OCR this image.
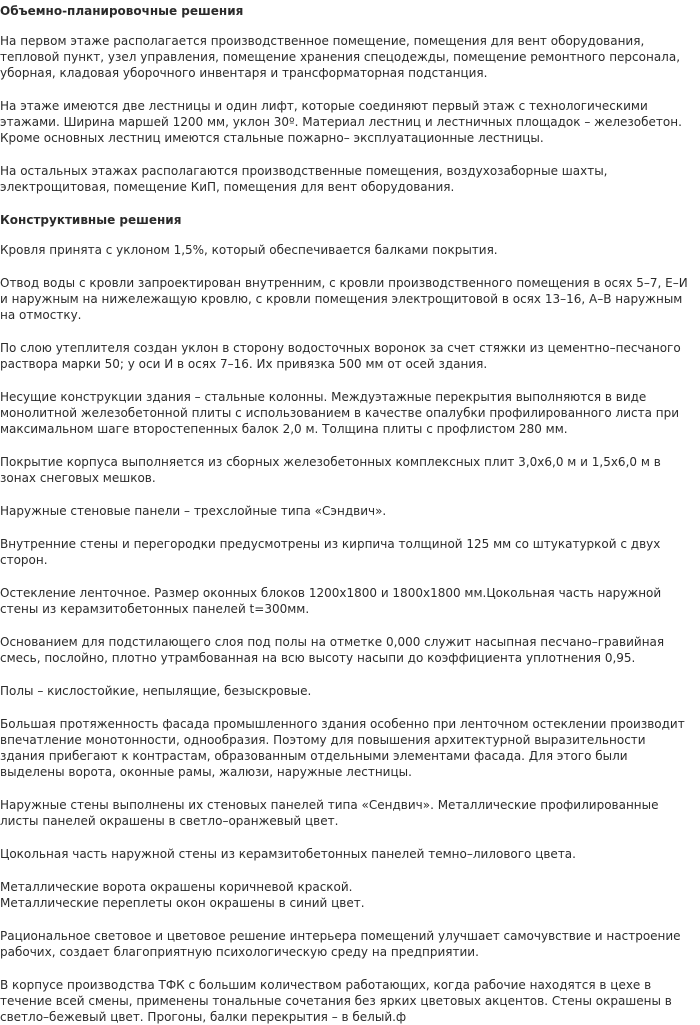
Объемно-планировочные решения
На первом этаже располагается производственное помещение, помещения для вент оборудования, тепловой пункт, узел управления, помещение хранения спецодежды, помещение ремонтного персонала, уборная, кладовая уборочного инвентаря и трансформаторная подстанция.
На этаже имеются две лестницы и один лифт, которые соединяют первый этаж с технологическими этажами. Ширина маршей 1200 мм, уклон 30º. Материал лестниц и лестничных площадок – железобетон. Кроме основных лестниц имеются стальные пожарно– эксплуатационные лестницы.
На остальных этажах располагаются производственные помещения, воздухозаборные шахты, электрощитовая, помещение КиП, помещения для вент оборудования.
Конструктивные решения
Кровля принята с уклоном 1,5%, который обеспечивается балками покрытия.
Отвод воды с кровли запроектирован внутренним, с кровли производственного помещения в осях 5–7, Е–И и наружным на нижележащую кровлю, с кровли помещения электрощитовой в осях 13–16, А–В наружным на отмостку.
По слою утеплителя создан уклон в сторону водосточных воронок за счет стяжки из цементно–песчаного раствора марки 50; у оси И в осях 7–16. Их привязка 500 мм от осей здания.
Несущие конструкции здания – стальные колонны. Междуэтажные перекрытия выполняются в виде монолитной железобетонной плиты с использованием в качестве опалубки профилированного листа при максимальном шаге второстепенных балок 2,0 м. Толщина плиты с профлистом 280 мм.
Покрытие корпуса выполняется из сборных железобетонных комплексных плит 3,0х6,0 м и 1,5х6,0 м в зонах снеговых мешков.
Наружные стеновые панели – трехслойные типа «Сэндвич».
Внутренние стены и перегородки предусмотрены из кирпича толщиной 125 мм со штукатуркой с двух сторон.
Остекление ленточное. Размер оконных блоков 1200х1800 и 1800х1800 мм.Цокольная часть наружной стены из керамзитобетонных панелей t=300мм.
Основанием для подстилающего слоя под полы на отметке 0,000 служит насыпная песчано–гравийная смесь, послойно, плотно утрамбованная на всю высоту насыпи до коэффициента уплотнения 0,95.
Полы – кислостойкие, непылящие, безыскровые.
Большая протяженность фасада промышленного здания особенно при ленточном остеклении производит впечатление монотонности, однообразия. Поэтому для повышения архитектурной выразительности здания прибегают к контрастам, образованным отдельными элементами фасада. Для этого были выделены ворота, оконные рамы, жалюзи, наружные лестницы.
Наружные стены выполнены их стеновых панелей типа «Сендвич». Металлические профилированные листы панелей окрашены в светло–оранжевый цвет.
Цокольная часть наружной стены из керамзитобетонных панелей темно–лилового цвета.
Металлические ворота окрашены коричневой краской.
Металлические переплеты окон окрашены в синий цвет.
Рациональное световое и цветовое решение интерьера помещений улучшает самочувствие и настроение рабочих, создает благоприятную психологическую среду на предприятии.
В корпусе производства ТФК с большим количеством работающих, когда рабочие находятся в цехе в течение всей смены, применены тональные сочетания без ярких цветовых акцентов. Стены окрашены в светло–бежевый цвет. Прогоны, балки перекрытия – в белый.ф
